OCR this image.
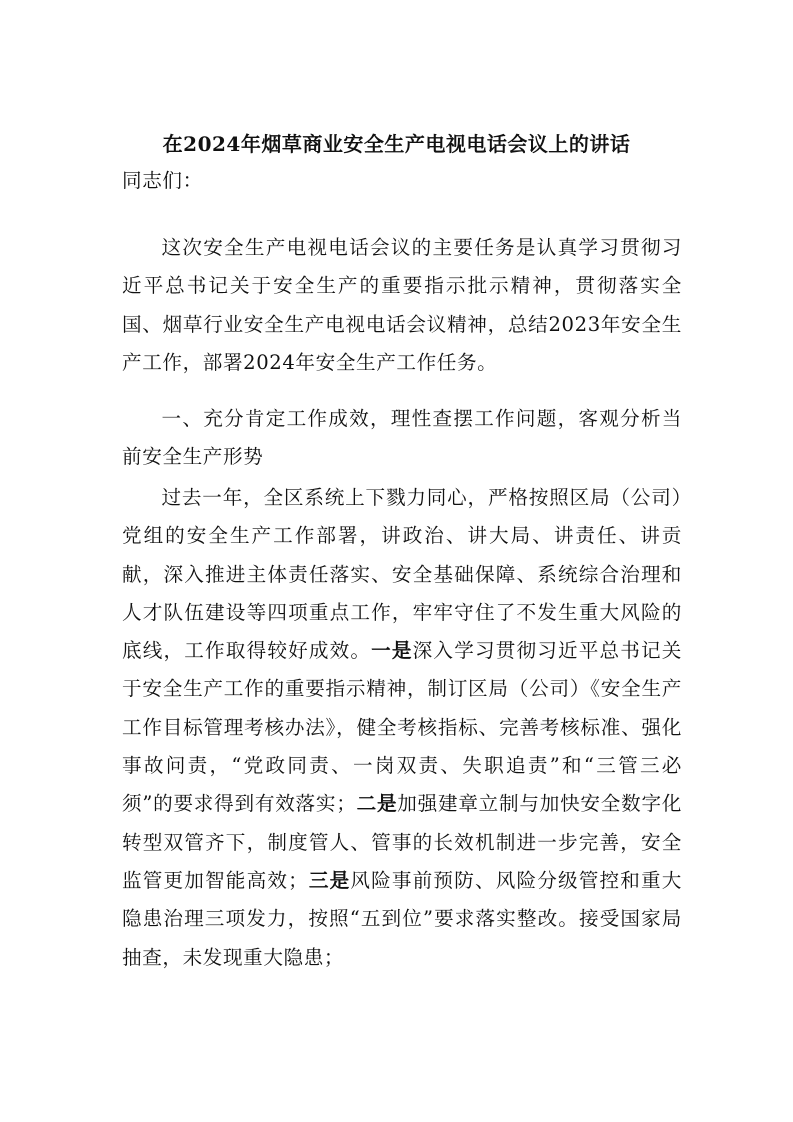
在2024年烟草商业安全生产电视电话会议上的讲话

同志们：

这次安全生产电视电话会议的主要任务是认真学习贯彻习近平总书记关于安全生产的重要指示批示精神，贯彻落实全国、烟草行业安全生产电视电话会议精神，总结2023年安全生产工作，部署2024年安全生产工作任务。

一、充分肯定工作成效，理性查摆工作问题，客观分析当前安全生产形势

过去一年，全区系统上下戮力同心，严格按照区局（公司）党组的安全生产工作部署，讲政治、讲大局、讲责任、讲贡献，深入推进主体责任落实、安全基础保障、系统综合治理和人才队伍建设等四项重点工作，牢牢守住了不发生重大风险的底线，工作取得较好成效。一是深入学习贯彻习近平总书记关于安全生产工作的重要指示精神，制订区局（公司）《安全生产工作目标管理考核办法》，健全考核指标、完善考核标准、强化事故问责，“党政同责、一岗双责、失职追责”和“三管三必须”的要求得到有效落实；二是加强建章立制与加快安全数字化转型双管齐下，制度管人、管事的长效机制进一步完善，安全监管更加智能高效；三是风险事前预防、风险分级管控和重大隐患治理三项发力，按照“五到位”要求落实整改。接受国家局抽查，未发现重大隐患；
